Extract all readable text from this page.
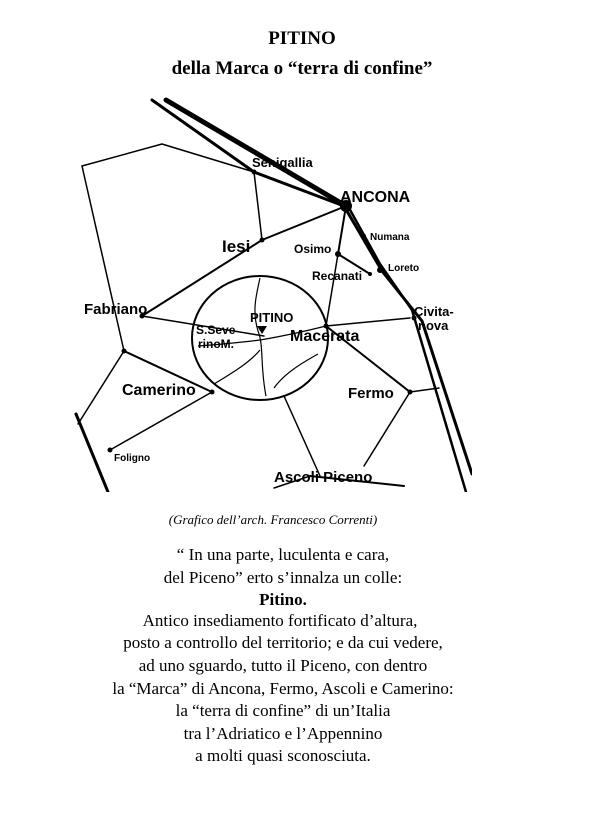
PITINO
della Marca o “terra di confine”
Senigallia
ANCONA
Numana
Iesi	Osimo
Loreto
Recanati
Fabriano	Civita-
nova
PITINO
S.Seve
rinoM.	Macerata
Camerino	Fermo
Foligno
Ascoli Piceno
(Grafico dell’arch. Francesco Correnti)
“ In una parte, luculenta e cara,
del Piceno” erto s’innalza un colle:
Pitino.
Antico insediamento fortificato d’altura,
posto a controllo del territorio; e da cui vedere,
ad uno sguardo, tutto il Piceno, con dentro
la “Marca” di Ancona, Fermo, Ascoli e Camerino:
la “terra di confine” di un’Italia
tra l’Adriatico e l’Appennino
a molti quasi sconosciuta.
